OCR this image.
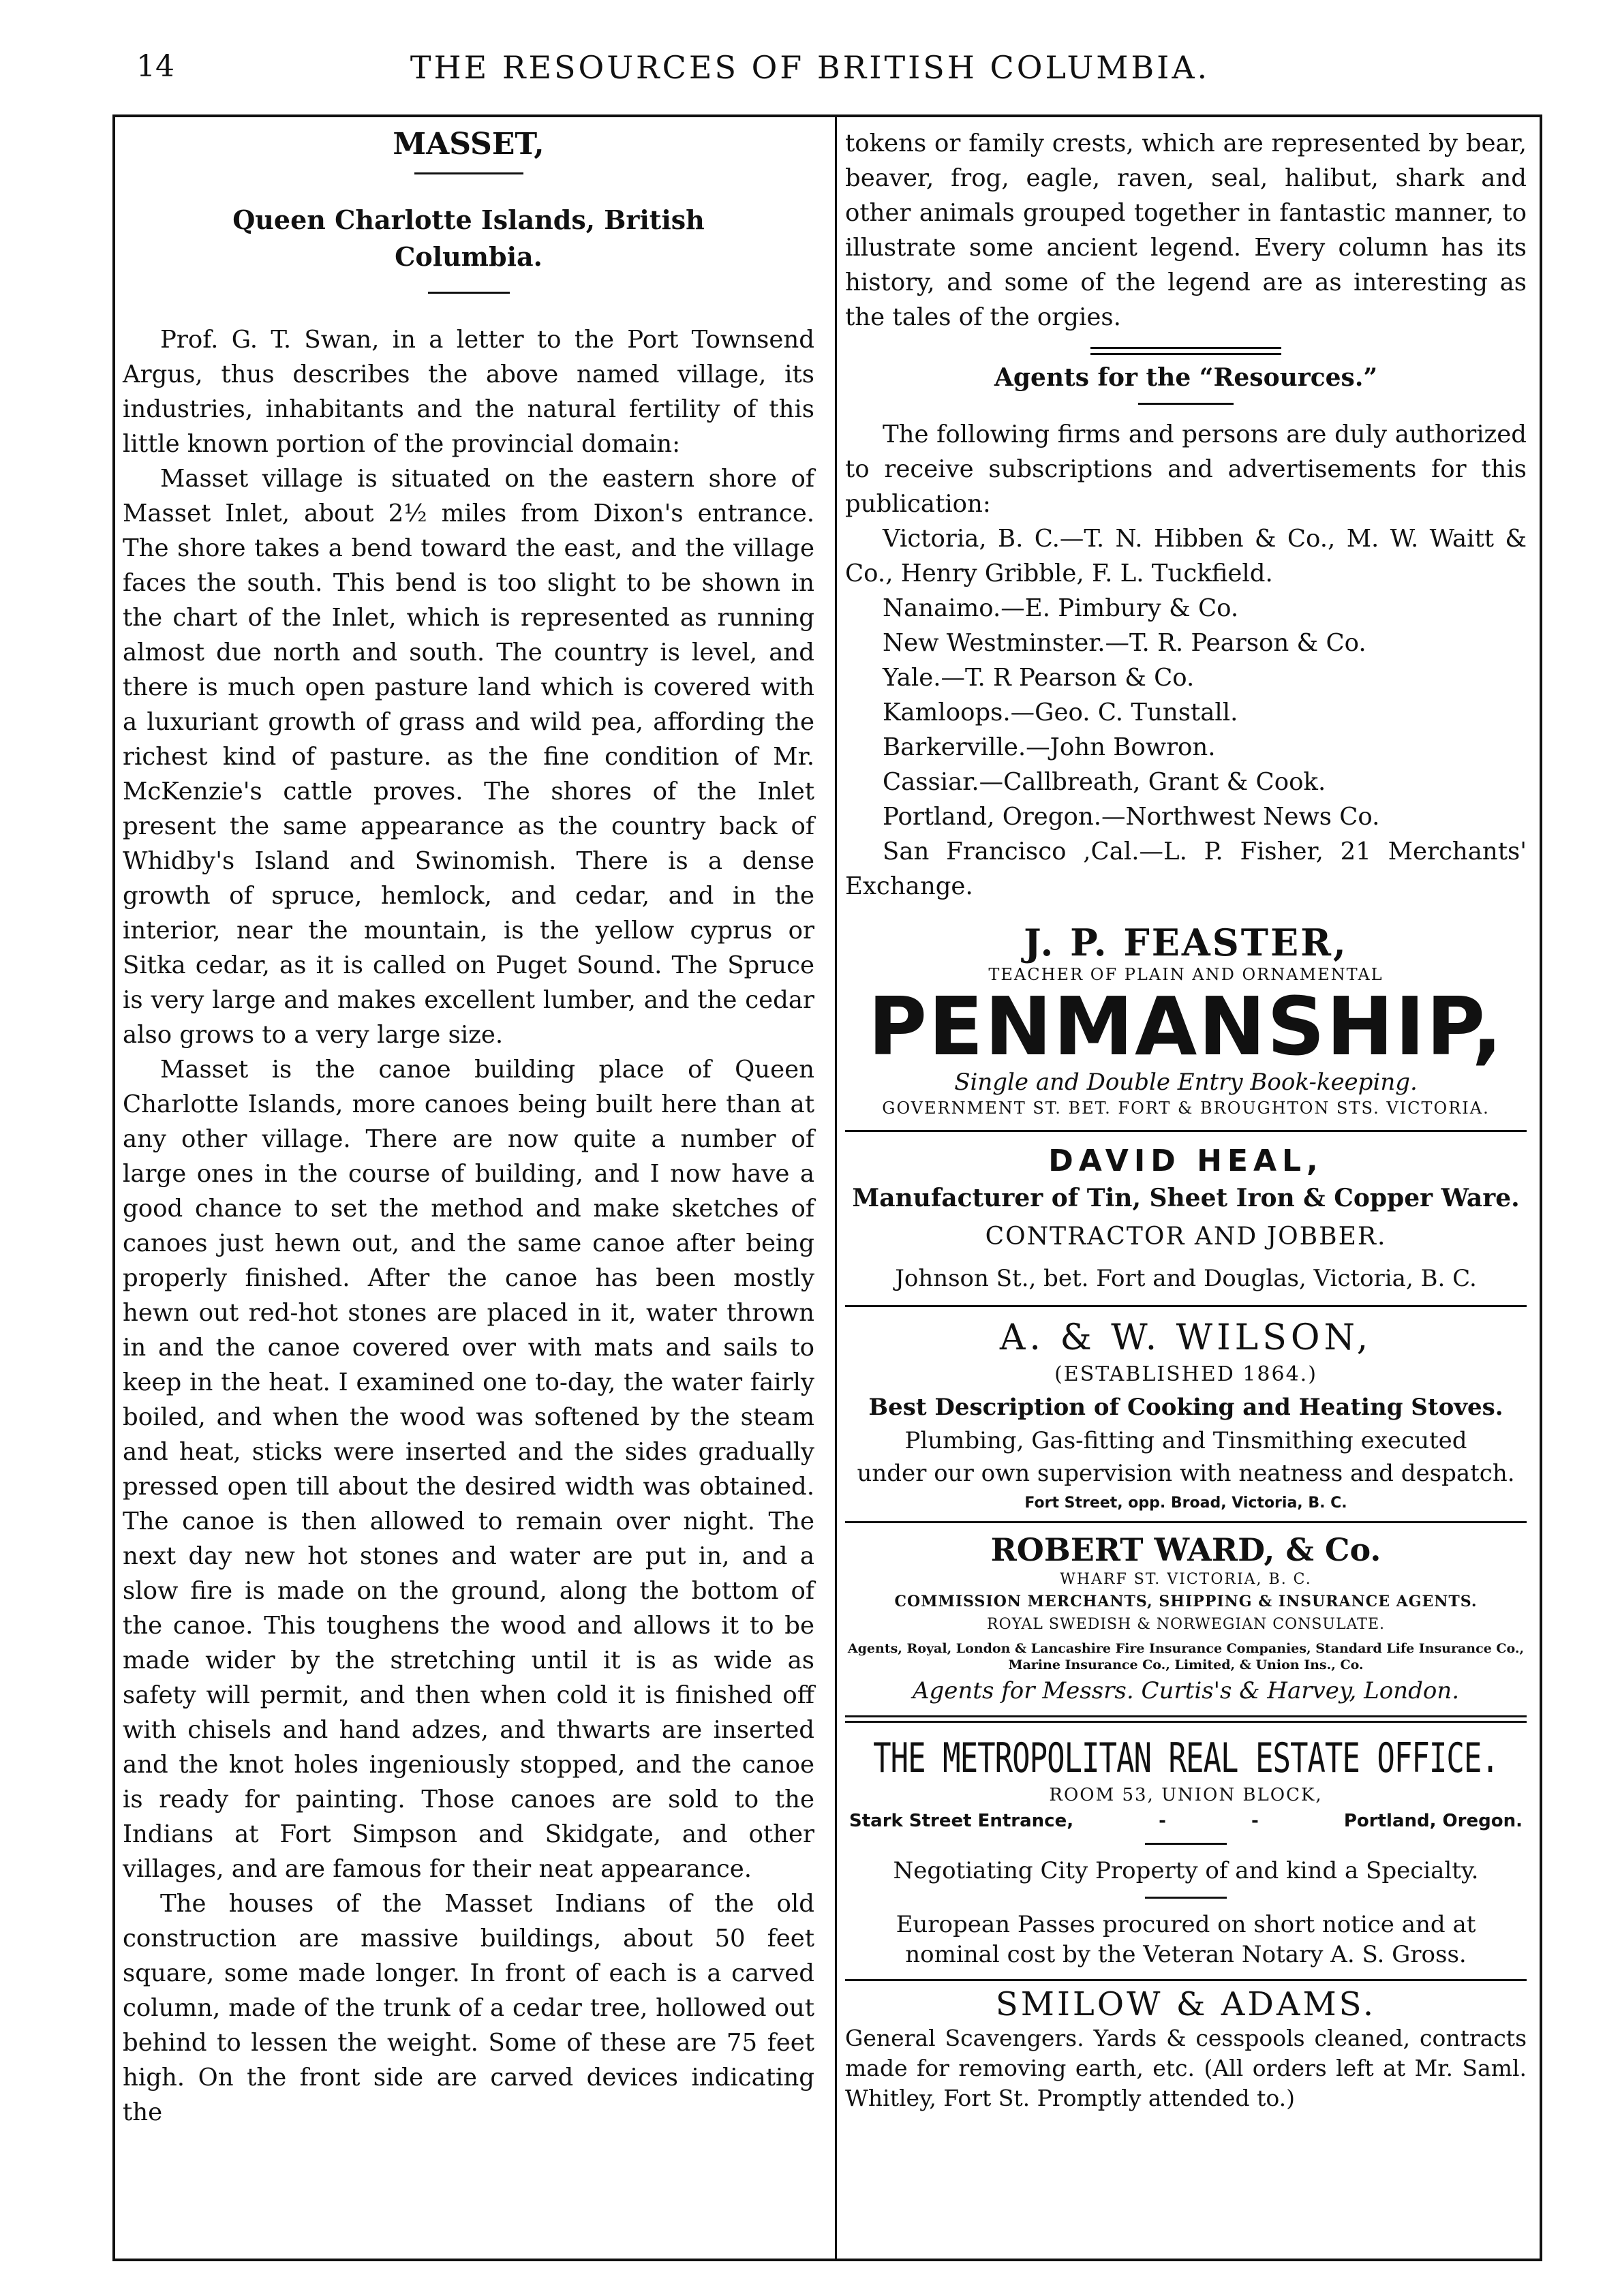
14	THE RESOURCES OF BRITISH COLUMBIA.
MASSET,

Queen Charlotte Islands, British

Columbia.

Prof. G. T. Swan, in a letter to the Port Townsend Argus, thus describes the above named village, its industries, inhabitants and the natural fertility of this little known portion of the provincial domain:

Masset village is situated on the eastern shore of Masset Inlet, about 2½ miles from Dixon's entrance. The shore takes a bend toward the east, and the village faces the south. This bend is too slight to be shown in the chart of the Inlet, which is represented as running almost due north and south. The country is level, and there is much open pasture land which is covered with a luxuriant growth of grass and wild pea, affording the richest kind of pasture. as the fine condition of Mr. McKenzie's cattle proves. The shores of the Inlet present the same appearance as the country back of Whidby's Island and Swinomish. There is a dense growth of spruce, hemlock, and cedar, and in the interior, near the mountain, is the yellow cyprus or Sitka cedar, as it is called on Puget Sound. The Spruce is very large and makes excellent lumber, and the cedar also grows to a very large size.

Masset is the canoe building place of Queen Charlotte Islands, more canoes being built here than at any other village. There are now quite a number of large ones in the course of building, and I now have a good chance to set the method and make sketches of canoes just hewn out, and the same canoe after being properly finished. After the canoe has been mostly hewn out red-hot stones are placed in it, water thrown in and the canoe covered over with mats and sails to keep in the heat. I examined one to-day, the water fairly boiled, and when the wood was softened by the steam and heat, sticks were inserted and the sides gradually pressed open till about the desired width was obtained. The canoe is then allowed to remain over night. The next day new hot stones and water are put in, and a slow fire is made on the ground, along the bottom of the canoe. This toughens the wood and allows it to be made wider by the stretching until it is as wide as safety will permit, and then when cold it is finished off with chisels and hand adzes, and thwarts are inserted and the knot holes ingeniously stopped, and the canoe is ready for painting. Those canoes are sold to the Indians at Fort Simpson and Skidgate, and other villages, and are famous for their neat appearance.

The houses of the Masset Indians of the old construction are massive buildings, about 50 feet square, some made longer. In front of each is a carved column, made of the trunk of a cedar tree, hollowed out behind to lessen the weight. Some of these are 75 feet high. On the front side are carved devices indicating the

tokens or family crests, which are represented by bear, beaver, frog, eagle, raven, seal, halibut, shark and other animals grouped together in fantastic manner, to illustrate some ancient legend. Every column has its history, and some of the legend are as interesting as the tales of the orgies.

Agents for the “Resources.”

The following firms and persons are duly authorized to receive subscriptions and advertisements for this publication:

Victoria, B. C.—T. N. Hibben & Co., M. W. Waitt & Co., Henry Gribble, F. L. Tuckfield.

Nanaimo.—E. Pimbury & Co.

New Westminster.—T. R. Pearson & Co.

Yale.—T. R Pearson & Co.

Kamloops.—Geo. C. Tunstall.

Barkerville.—John Bowron.

Cassiar.—Callbreath, Grant & Cook.

Portland, Oregon.—Northwest News Co.

San Francisco ,Cal.—L. P. Fisher, 21 Merchants' Exchange.

J. P. FEASTER,
TEACHER OF PLAIN AND ORNAMENTAL
PENMANSHIP,
Single and Double Entry Book-keeping.
GOVERNMENT ST. BET. FORT & BROUGHTON STS. VICTORIA.
DAVID HEAL,
Manufacturer of Tin, Sheet Iron & Copper Ware.
CONTRACTOR AND JOBBER.
Johnson St., bet. Fort and Douglas, Victoria, B. C.
A. & W. WILSON,
(ESTABLISHED 1864.)
Best Description of Cooking and Heating Stoves.
Plumbing, Gas-fitting and Tinsmithing executed
under our own supervision with neatness and despatch.
Fort Street, opp. Broad, Victoria, B. C.
ROBERT WARD, & Co.
WHARF ST. VICTORIA, B. C.
COMMISSION MERCHANTS, SHIPPING & INSURANCE AGENTS.
ROYAL SWEDISH & NORWEGIAN CONSULATE.
Agents, Royal, London & Lancashire Fire Insurance Companies, Standard Life Insurance Co., Marine Insurance Co., Limited, & Union Ins., Co.
Agents for Messrs. Curtis's & Harvey, London.
THE METROPOLITAN REAL ESTATE OFFICE.
ROOM 53, UNION BLOCK,
Stark Street Entrance,	-	-	Portland, Oregon.
Negotiating City Property of and kind a Specialty.
European Passes procured on short notice and at nominal cost by the Veteran Notary A. S. Gross.
SMILOW & ADAMS.
General Scavengers. Yards & cesspools cleaned, contracts made for removing earth, etc. (All orders left at Mr. Saml. Whitley, Fort St. Promptly attended to.)
